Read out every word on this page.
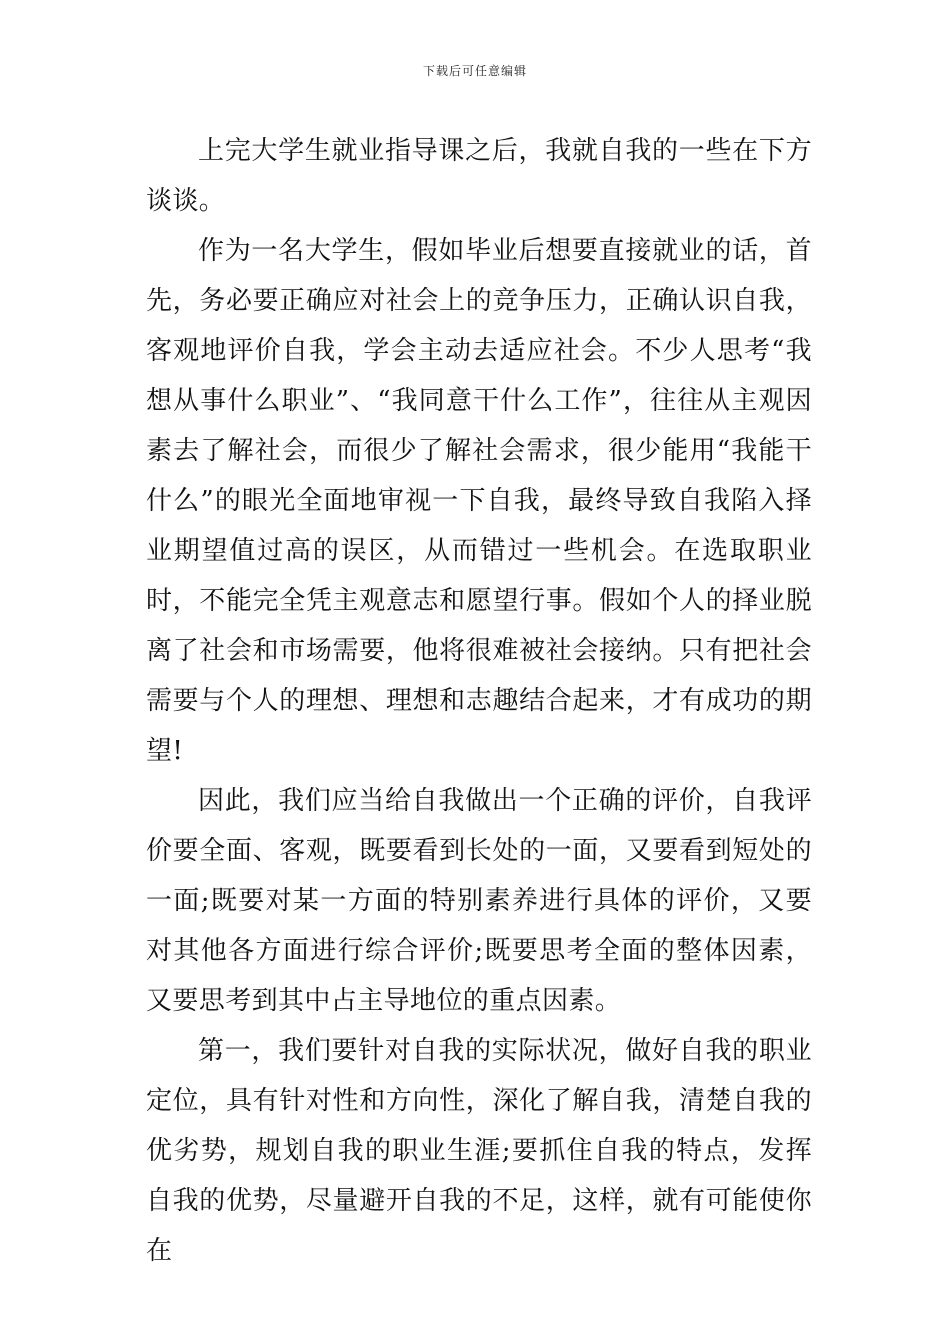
下载后可任意编辑

上完大学生就业指导课之后，我就自我的一些在下方谈谈。

作为一名大学生，假如毕业后想要直接就业的话，首先，务必要正确应对社会上的竞争压力，正确认识自我，客观地评价自我，学会主动去适应社会。不少人思考“我想从事什么职业”、“我同意干什么工作”，往往从主观因素去了解社会，而很少了解社会需求，很少能用“我能干什么”的眼光全面地审视一下自我，最终导致自我陷入择业期望值过高的误区，从而错过一些机会。在选取职业时，不能完全凭主观意志和愿望行事。假如个人的择业脱离了社会和市场需要，他将很难被社会接纳。只有把社会需要与个人的理想、理想和志趣结合起来，才有成功的期望!

因此，我们应当给自我做出一个正确的评价，自我评价要全面、客观，既要看到长处的一面，又要看到短处的一面;既要对某一方面的特别素养进行具体的评价，又要对其他各方面进行综合评价;既要思考全面的整体因素，又要思考到其中占主导地位的重点因素。

第一，我们要针对自我的实际状况，做好自我的职业定位，具有针对性和方向性，深化了解自我，清楚自我的优劣势，规划自我的职业生涯;要抓住自我的特点，发挥自我的优势，尽量避开自我的不足，这样，就有可能使你在
